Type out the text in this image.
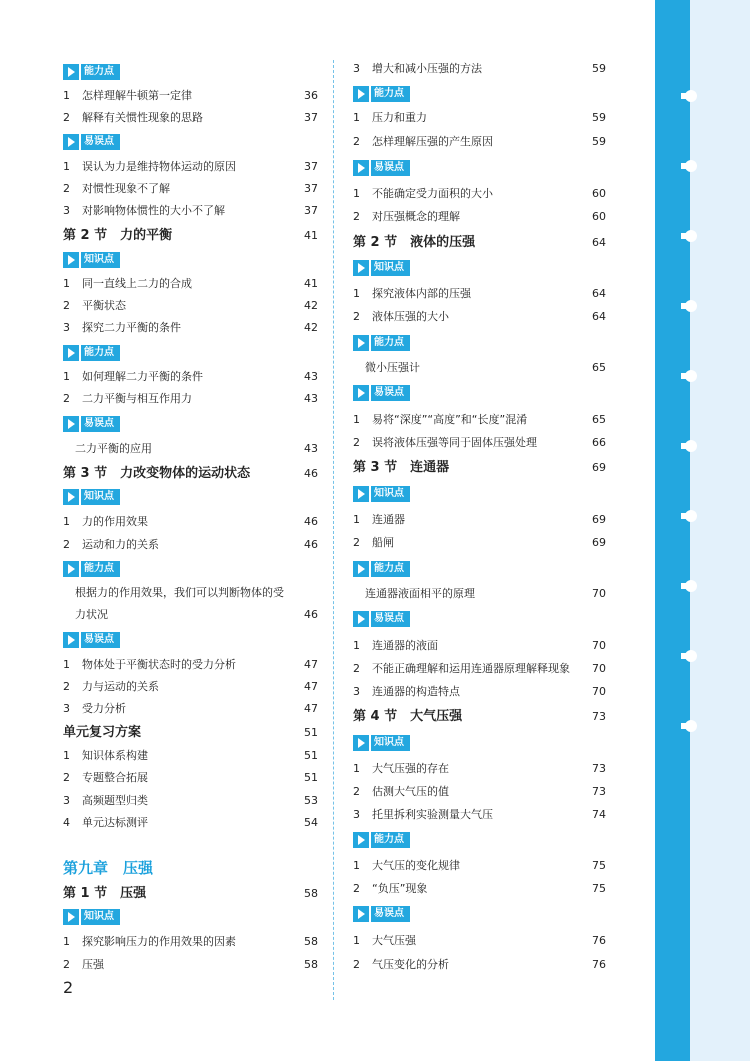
能力点
1 怎样理解牛顿第一定律	36
2 解释有关惯性现象的思路	37
易误点
1 误认为力是维持物体运动的原因	37
2 对惯性现象不了解	37
3 对影响物体惯性的大小不了解	37
第 2 节　力的平衡	41
知识点
1 同一直线上二力的合成	41
2 平衡状态	42
3 探究二力平衡的条件	42
能力点
1 如何理解二力平衡的条件	43
2 二力平衡与相互作用力	43
易误点
二力平衡的应用	43
第 3 节　力改变物体的运动状态	46
知识点
1 力的作用效果	46
2 运动和力的关系	46
能力点
根据力的作用效果，我们可以判断物体的受
力状况	46
易误点
1 物体处于平衡状态时的受力分析	47
2 力与运动的关系	47
3 受力分析	47
单元复习方案	51
1 知识体系构建	51
2 专题整合拓展	51
3 高频题型归类	53
4 单元达标测评	54
第九章　压强
第 1 节　压强	58
知识点
1 探究影响压力的作用效果的因素	58
2 压强	58
2
3 增大和减小压强的方法	59
能力点
1 压力和重力	59
2 怎样理解压强的产生原因	59
易误点
1 不能确定受力面积的大小	60
2 对压强概念的理解	60
第 2 节　液体的压强	64
知识点
1 探究液体内部的压强	64
2 液体压强的大小	64
能力点
微小压强计	65
易误点
1 易将“深度”“高度”和“长度”混淆	65
2 误将液体压强等同于固体压强处理	66
第 3 节　连通器	69
知识点
1 连通器	69
2 船闸	69
能力点
连通器液面相平的原理	70
易误点
1 连通器的液面	70
2 不能正确理解和运用连通器原理解释现象 70
3 连通器的构造特点	70
第 4 节　大气压强	73
知识点
1 大气压强的存在	73
2 估测大气压的值	73
3 托里拆利实验测量大气压	74
能力点
1 大气压的变化规律	75
2 “负压”现象	75
易误点
1 大气压强	76
2 气压变化的分析	76
